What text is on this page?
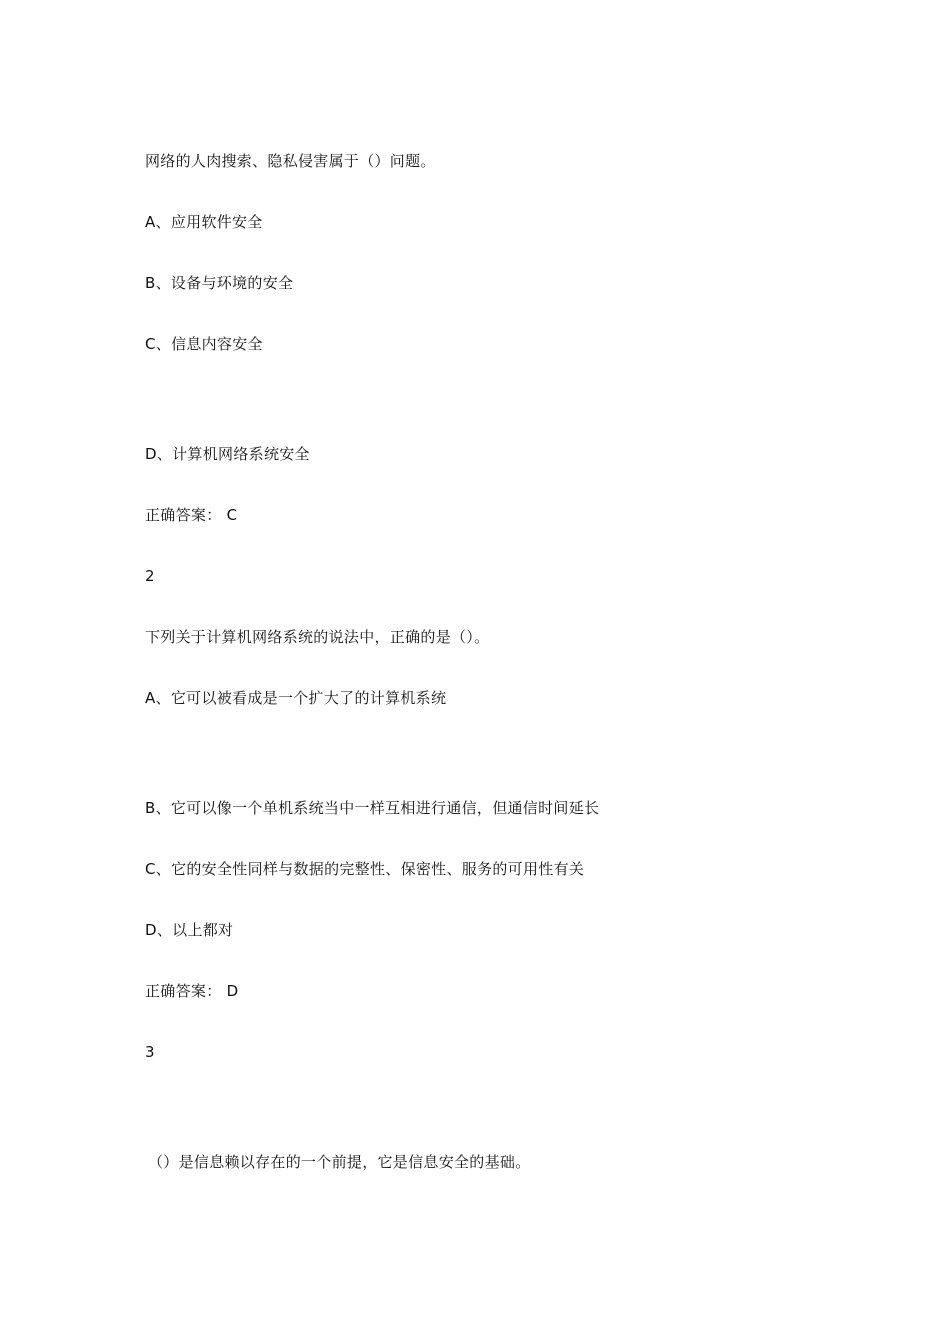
网络的人肉搜索、隐私侵害属于（）问题。
A、应用软件安全
B、设备与环境的安全
C、信息内容安全
D、计算机网络系统安全
正确答案： C
2
下列关于计算机网络系统的说法中，正确的是（）。
A、它可以被看成是一个扩大了的计算机系统
B、它可以像一个单机系统当中一样互相进行通信，但通信时间延长
C、它的安全性同样与数据的完整性、保密性、服务的可用性有关
D、以上都对
正确答案： D
3
（）是信息赖以存在的一个前提，它是信息安全的基础。
